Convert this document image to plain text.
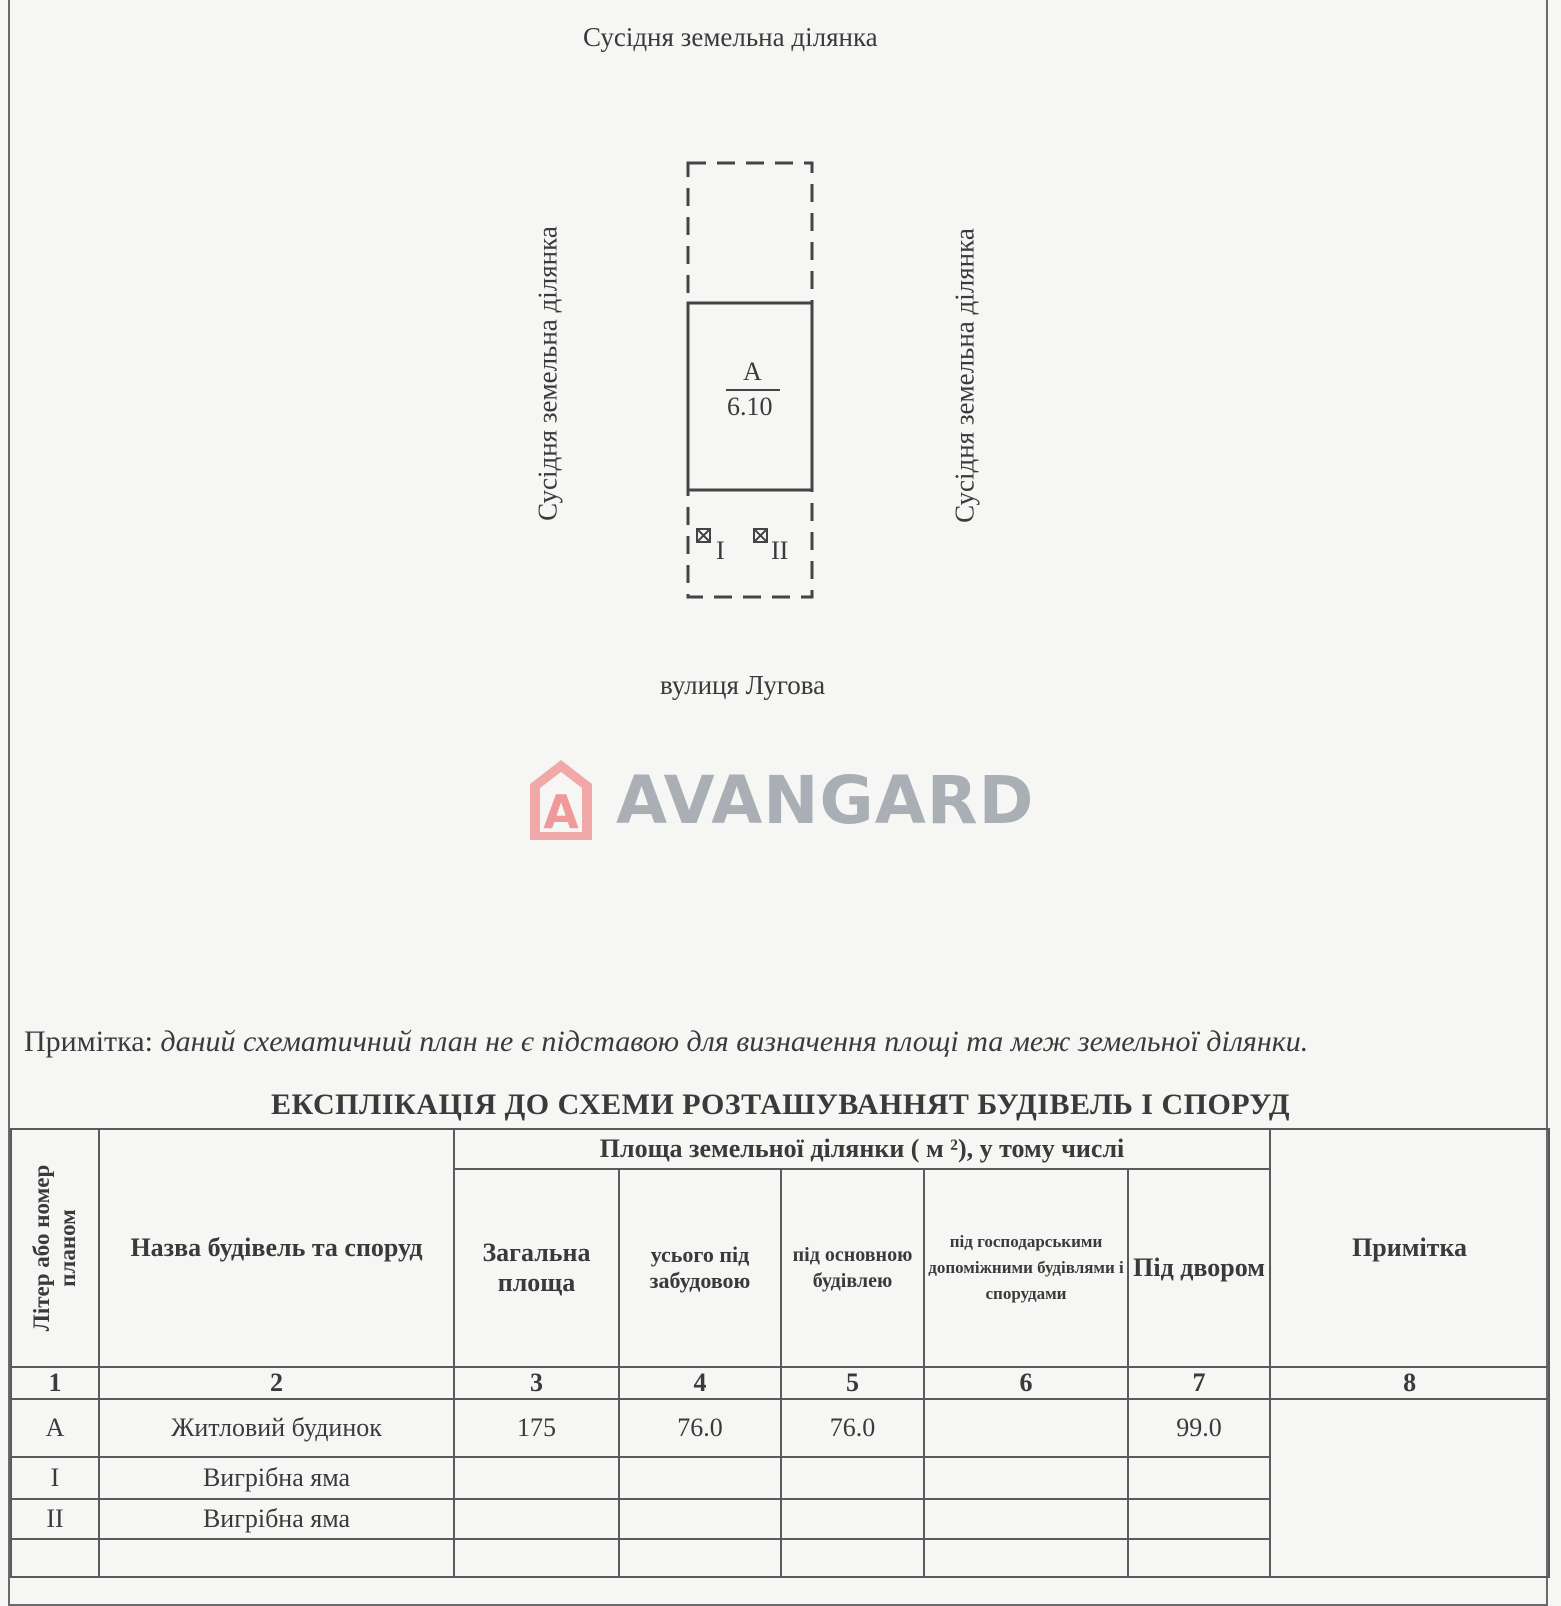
Сусідня земельна ділянка
Сусідня земельна ділянка	Сусідня земельна ділянка
вулиця Лугова
А
6.10
I II
A AVANGARD
Примітка: даний схематичний план не є підставою для визначення площі та меж земельної ділянки.
ЕКСПЛІКАЦІЯ ДО СХЕМИ РОЗТАШУВАННЯТ БУДІВЕЛЬ І СПОРУД
Літер або номер планом	Назва будівель та споруд	Площа земельної ділянки ( м ²), у тому числі					Примітка
		Загальна площа	усього під забудовою	під основною будівлею	під господарськими допоміжними будівлями і спорудами	Під двором	
1	2	3	4	5	6	7	8
А	Житловий будинок	175	76.0	76.0		99.0	
I	Вигрібна яма						
II	Вигрібна яма						
